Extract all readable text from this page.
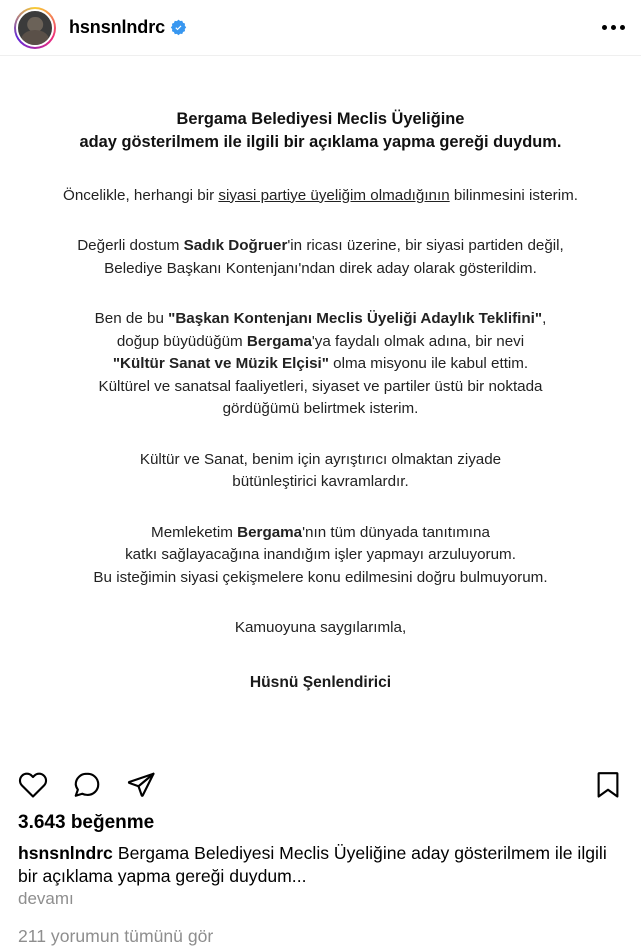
hsnsnlndrc
Bergama Belediyesi Meclis Üyeliğine
aday gösterilmem ile ilgili bir açıklama yapma gereği duydum.

Öncelikle, herhangi bir siyasi partiye üyeliğim olmadığının bilinmesini isterim.

Değerli dostum Sadık Doğruer'in ricası üzerine, bir siyasi partiden değil,
Belediye Başkanı Kontenjanı'ndan direk aday olarak gösterildim.

Ben de bu "Başkan Kontenjanı Meclis Üyeliği Adaylık Teklifini",
doğup büyüdüğüm Bergama'ya faydalı olmak adına, bir nevi
"Kültür Sanat ve Müzik Elçisi" olma misyonu ile kabul ettim.
Kültürel ve sanatsal faaliyetleri, siyaset ve partiler üstü bir noktada
gördüğümü belirtmek isterim.

Kültür ve Sanat, benim için ayrıştırıcı olmaktan ziyade
bütünleştirici kavramlardır.

Memleketim Bergama'nın tüm dünyada tanıtımına
katkı sağlayacağına inandığım işler yapmayı arzuluyorum.
Bu isteğimin siyasi çekişmelere konu edilmesini doğru bulmuyorum.

Kamuoyuna saygılarımla,

Hüsnü Şenlendirici
3.643 beğenme

hsnsnlndrc Bergama Belediyesi Meclis Üyeliğine aday gösterilmem ile ilgili bir açıklama yapma gereği duydum...

devamı
211 yorumun tümünü gör
